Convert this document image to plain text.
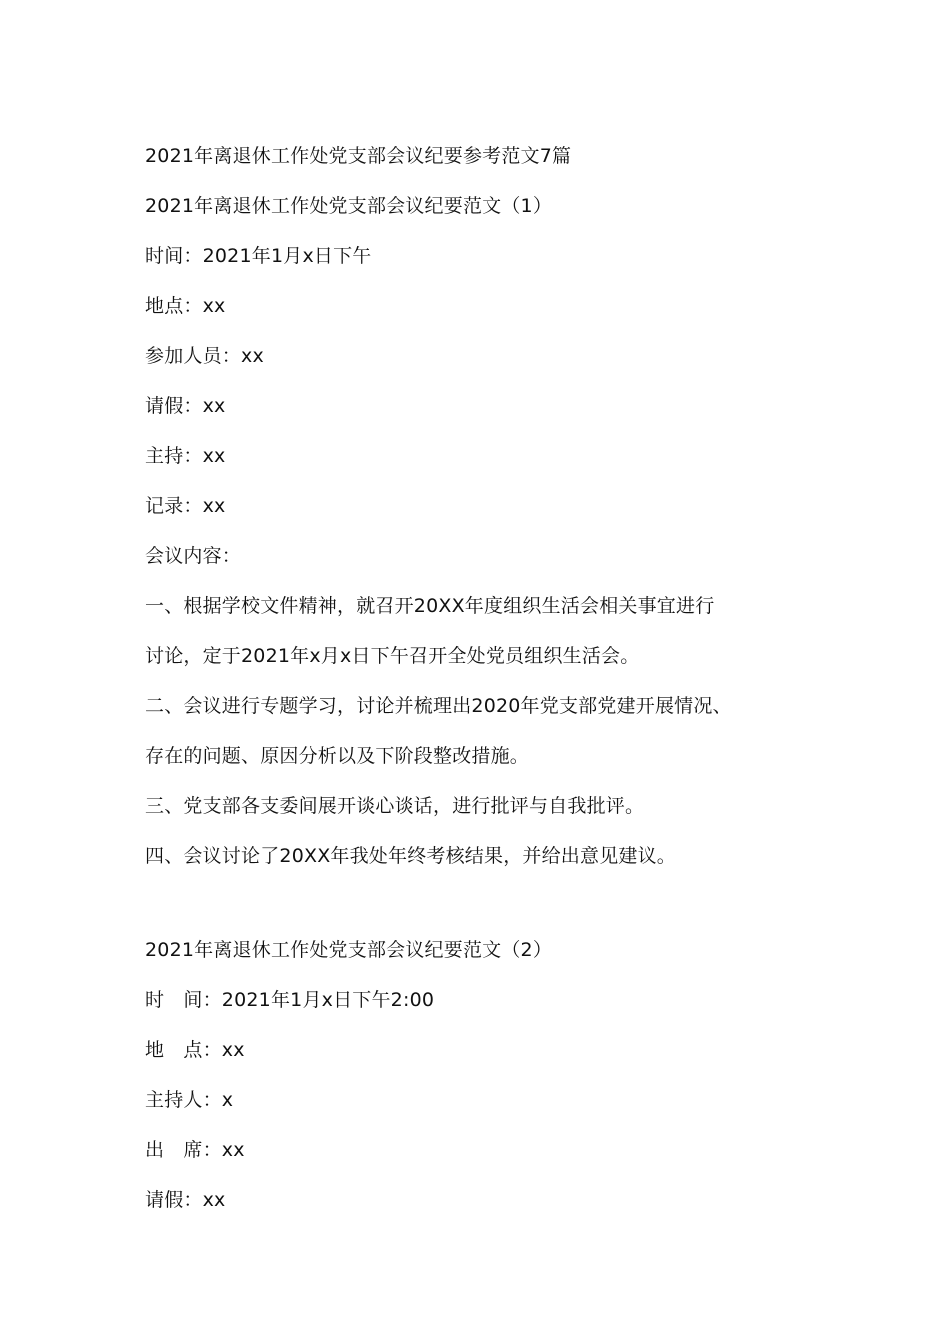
2021年离退休工作处党支部会议纪要参考范文7篇
2021年离退休工作处党支部会议纪要范文（1）
时间：2021年1月x日下午
地点：xx
参加人员：xx
请假：xx
主持：xx
记录：xx
会议内容：
一、根据学校文件精神，就召开20XX年度组织生活会相关事宜进行
讨论，定于2021年x月x日下午召开全处党员组织生活会。
二、会议进行专题学习，讨论并梳理出2020年党支部党建开展情况、
存在的问题、原因分析以及下阶段整改措施。
三、党支部各支委间展开谈心谈话，进行批评与自我批评。
四、会议讨论了20XX年我处年终考核结果，并给出意见建议。
2021年离退休工作处党支部会议纪要范文（2）
时　间：2021年1月x日下午2:00
地　点：xx
主持人：x
出　席：xx
请假：xx
